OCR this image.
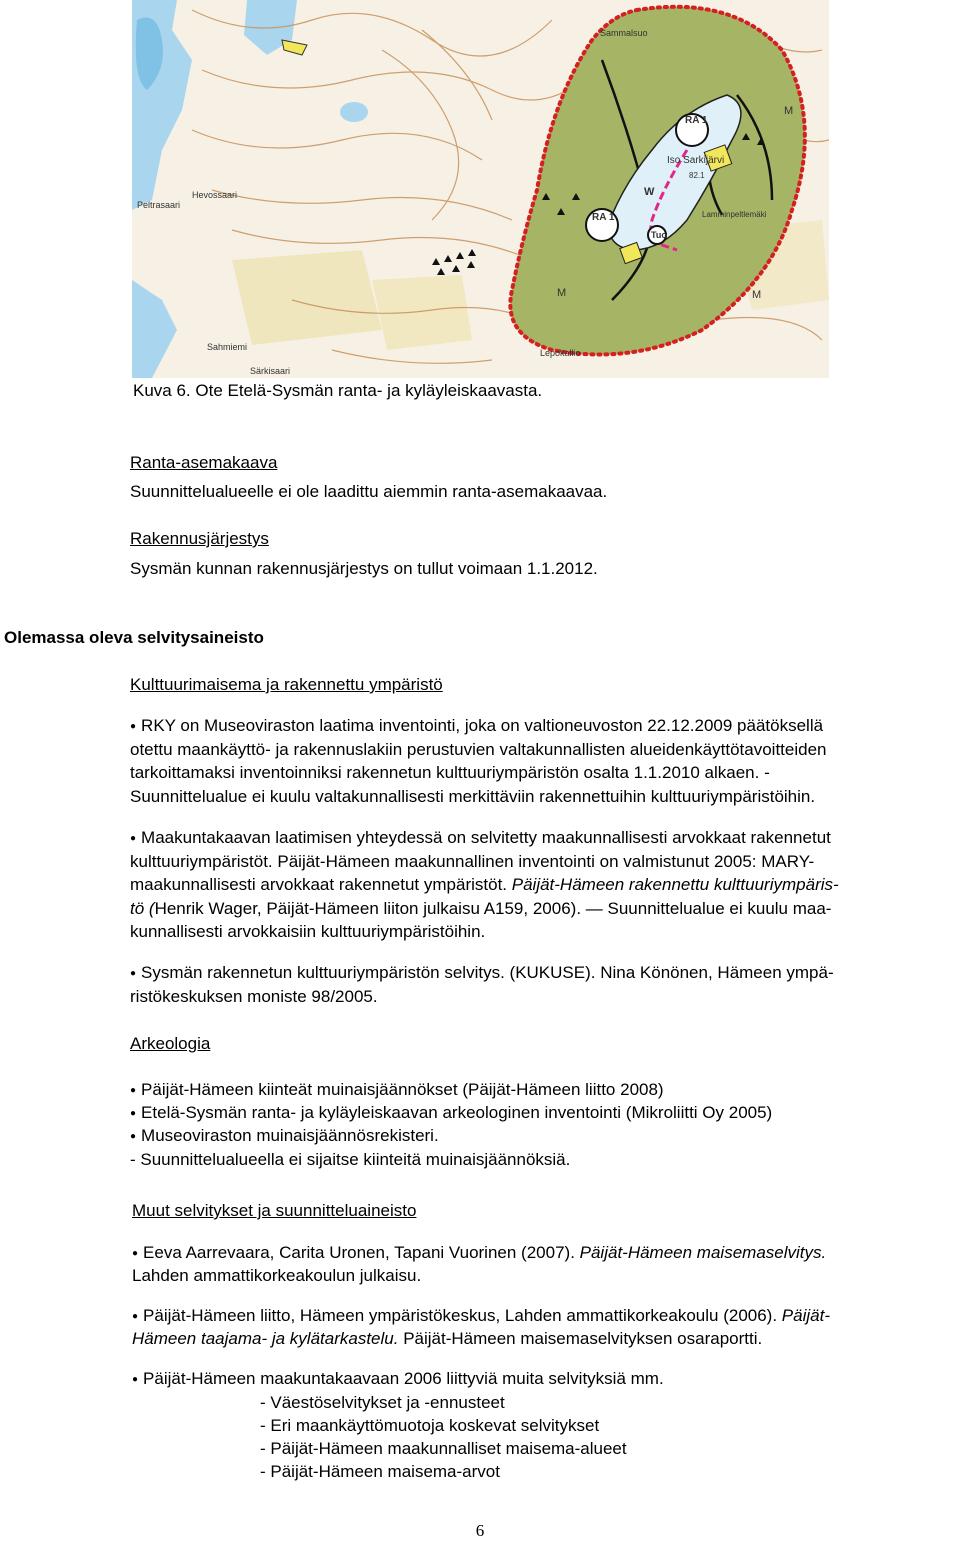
Sammalsuo
RA 1
Iso Sarkijärvi
82.1
W
RA 1
Tuo
Lamminpeltlemäki
M
M	M
Hevossaari
Peltrasaari
Sahmiemi
Lepokallio
Särkisaari
Kuva 6. Ote Etelä-Sysmän ranta- ja kyläyleiskaavasta.
Ranta-asemakaava
Suunnittelualueelle ei ole laadittu aiemmin ranta-asemakaavaa.
Rakennusjärjestys
Sysmän kunnan rakennusjärjestys on tullut voimaan 1.1.2012.
Olemassa oleva selvitysaineisto
Kulttuurimaisema ja rakennettu ympäristö
● RKY on Museoviraston laatima inventointi, joka on valtioneuvoston 22.12.2009 päätöksellä
otettu maankäyttö- ja rakennuslakiin perustuvien valtakunnallisten alueidenkäyttötavoitteiden
tarkoittamaksi inventoinniksi rakennetun kulttuuriympäristön osalta 1.1.2010 alkaen. -
Suunnittelualue ei kuulu valtakunnallisesti merkittäviin rakennettuihin kulttuuriympäristöihin.
● Maakuntakaavan laatimisen yhteydessä on selvitetty maakunnallisesti arvokkaat rakennetut
kulttuuriympäristöt. Päijät-Hämeen maakunnallinen inventointi on valmistunut 2005: MARY-
maakunnallisesti arvokkaat rakennetut ympäristöt. Päijät-Hämeen rakennettu kulttuuriympäris-
tö (Henrik Wager, Päijät-Hämeen liiton julkaisu A159, 2006). — Suunnittelualue ei kuulu maa-
kunnallisesti arvokkaisiin kulttuuriympäristöihin.
● Sysmän rakennetun kulttuuriympäristön selvitys. (KUKUSE). Nina Könönen, Hämeen ympä-
ristökeskuksen moniste 98/2005.
Arkeologia
● Päijät-Hämeen kiinteät muinaisjäännökset (Päijät-Hämeen liitto 2008)
● Etelä-Sysmän ranta- ja kyläyleiskaavan arkeologinen inventointi (Mikroliitti Oy 2005)
● Museoviraston muinaisjäännösrekisteri.
- Suunnittelualueella ei sijaitse kiinteitä muinaisjäännöksiä.
Muut selvitykset ja suunnitteluaineisto
● Eeva Aarrevaara, Carita Uronen, Tapani Vuorinen (2007). Päijät-Hämeen maisemaselvitys.
Lahden ammattikorkeakoulun julkaisu.
● Päijät-Hämeen liitto, Hämeen ympäristökeskus, Lahden ammattikorkeakoulu (2006). Päijät-
Hämeen taajama- ja kylätarkastelu. Päijät-Hämeen maisemaselvityksen osaraportti.
● Päijät-Hämeen maakuntakaavaan 2006 liittyviä muita selvityksiä mm.
- Väestöselvitykset ja -ennusteet
- Eri maankäyttömuotoja koskevat selvitykset
- Päijät-Hämeen maakunnalliset maisema-alueet
- Päijät-Hämeen maisema-arvot
6
